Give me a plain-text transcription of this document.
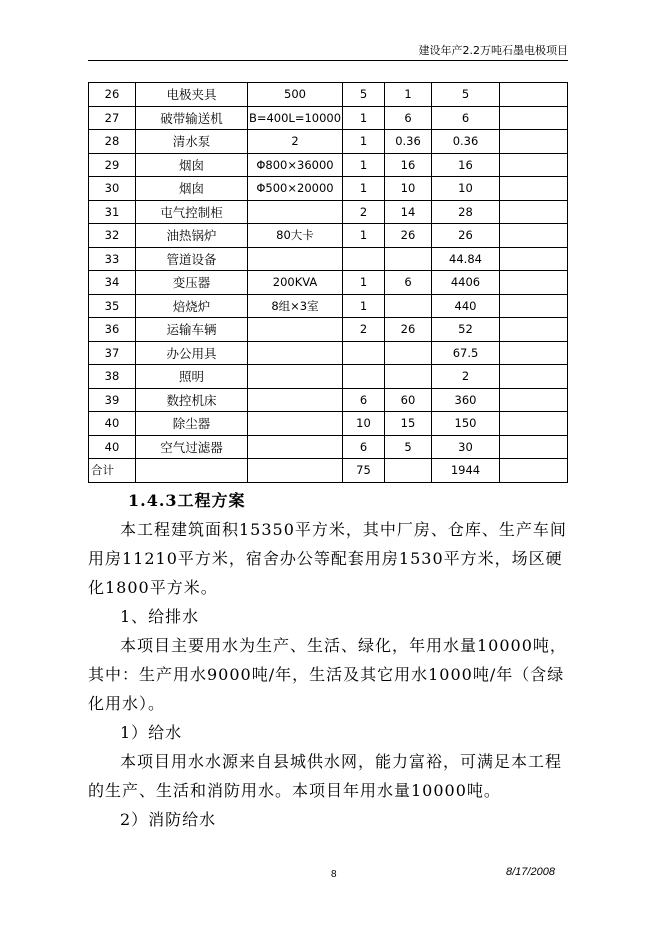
建设年产2.2万吨石墨电极项目
26	电极夹具	500	5	1	5	
27	破带输送机	B=400L=10000	1	6	6	
28	清水泵	2	1	0.36	0.36	
29	烟囱	Φ800×36000	1	16	16	
30	烟囱	Φ500×20000	1	10	10	
31	屯气控制柜		2	14	28	
32	油热锅炉	80大卡	1	26	26	
33	管道设备				44.84	
34	变压器	200KVA	1	6	4406	
35	焙烧炉	8组×3室	1		440	
36	运输车辆		2	26	52	
37	办公用具				67.5	
38	照明				2	
39	数控机床		6	60	360	
40	除尘器		10	15	150	
40	空气过滤器		6	5	30	
合计			75		1944	
1.4.3工程方案

本工程建筑面积15350平方米，其中厂房、仓库、生产车间用房11210平方米，宿舍办公等配套用房1530平方米，场区硬化1800平方米。

1、给排水

本项目主要用水为生产、生活、绿化，年用水量10000吨，其中：生产用水9000吨/年，生活及其它用水1000吨/年（含绿化用水）。

1）给水

本项目用水水源来自县城供水网，能力富裕，可满足本工程的生产、生活和消防用水。本项目年用水量10000吨。

2）消防给水

8	8/17/2008
